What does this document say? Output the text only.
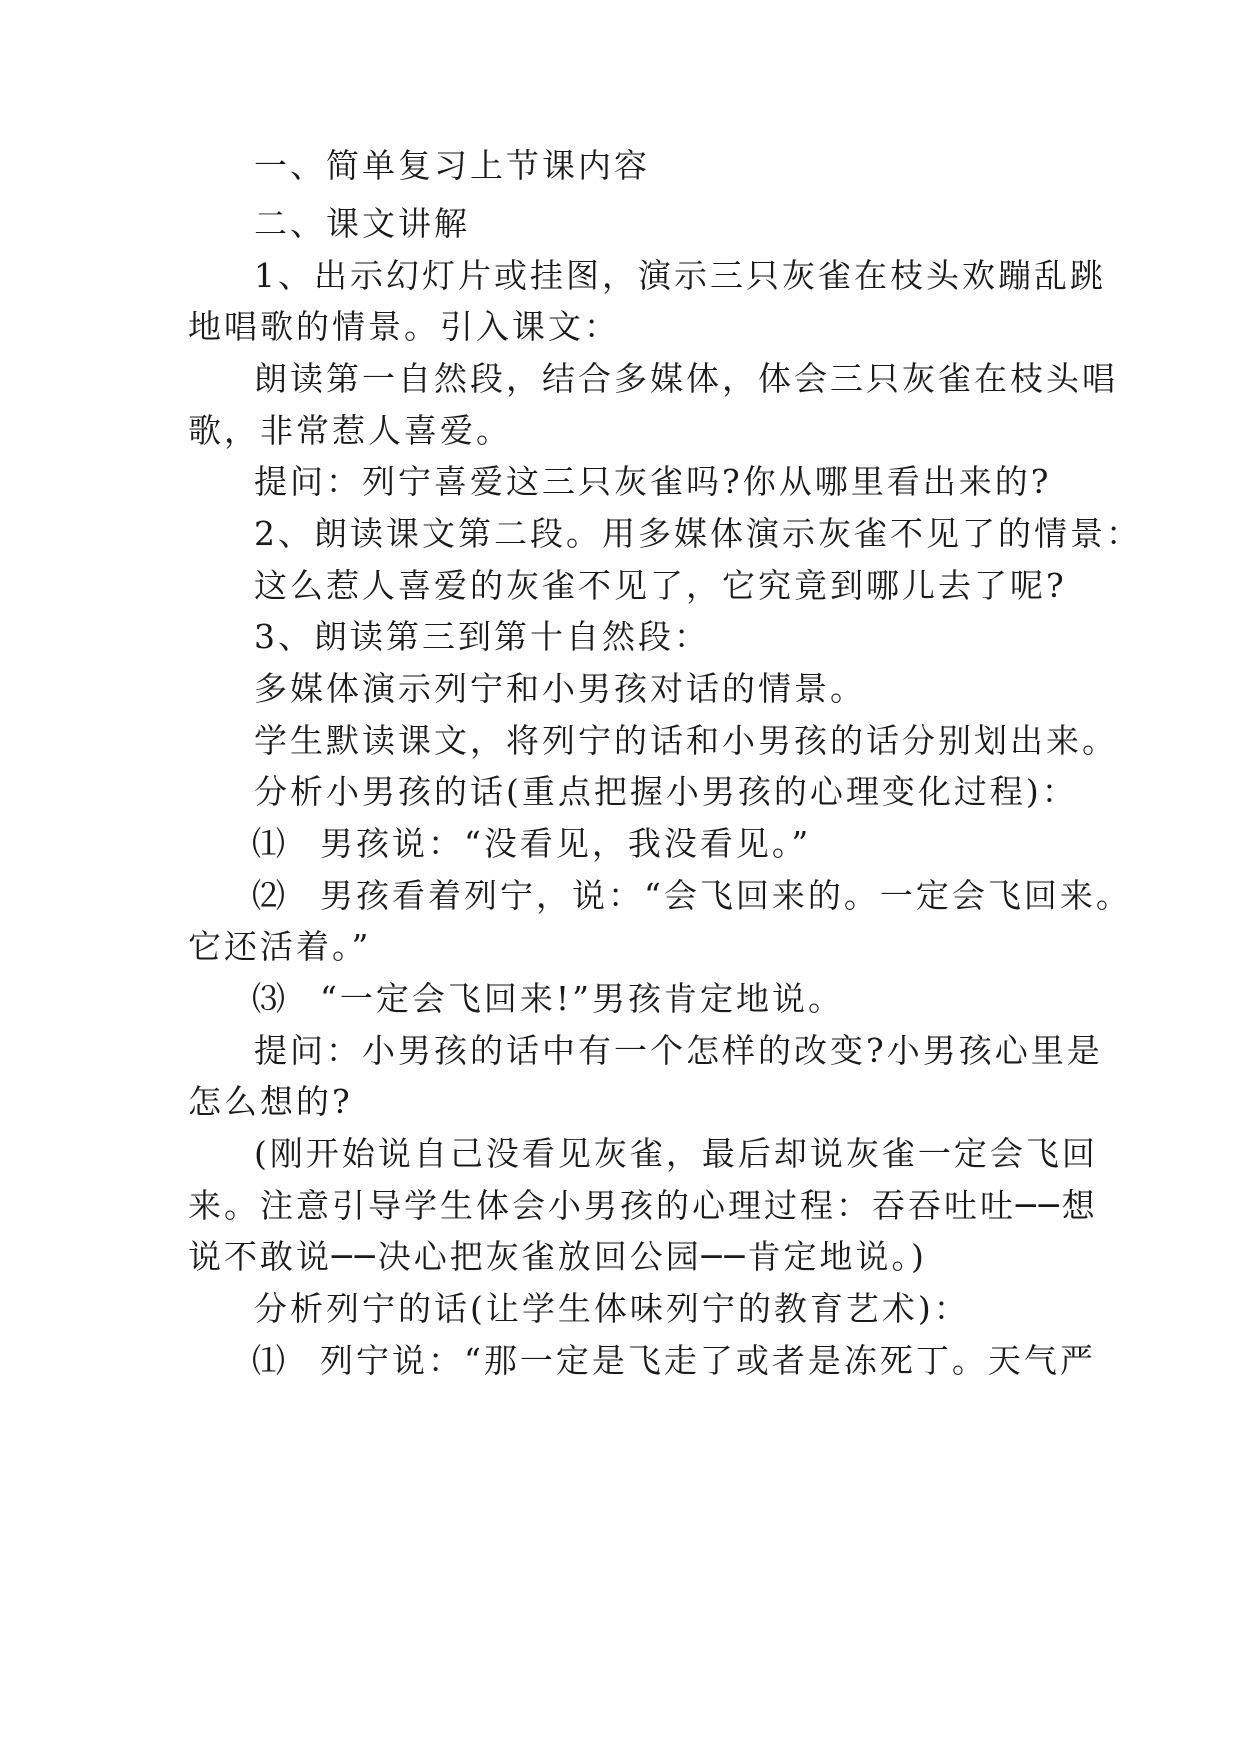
一、简单复习上节课内容
二、课文讲解
1、出示幻灯片或挂图，演示三只灰雀在枝头欢蹦乱跳
地唱歌的情景。引入课文：
朗读第一自然段，结合多媒体，体会三只灰雀在枝头唱
歌，非常惹人喜爱。
提问：列宁喜爱这三只灰雀吗?你从哪里看出来的?
2、朗读课文第二段。用多媒体演示灰雀不见了的情景：
这么惹人喜爱的灰雀不见了，它究竟到哪儿去了呢?
3、朗读第三到第十自然段：
多媒体演示列宁和小男孩对话的情景。
学生默读课文，将列宁的话和小男孩的话分别划出来。
分析小男孩的话(重点把握小男孩的心理变化过程)：
⑴ 男孩说：“没看见，我没看见。”
⑵ 男孩看着列宁，说：“会飞回来的。一定会飞回来。
它还活着。”
⑶ “一定会飞回来!”男孩肯定地说。
提问：小男孩的话中有一个怎样的改变?小男孩心里是
怎么想的?
(刚开始说自己没看见灰雀，最后却说灰雀一定会飞回
来。注意引导学生体会小男孩的心理过程：吞吞吐吐──想
说不敢说──决心把灰雀放回公园──肯定地说。)
分析列宁的话(让学生体味列宁的教育艺术)：
⑴ 列宁说：“那一定是飞走了或者是冻死丁。天气严
